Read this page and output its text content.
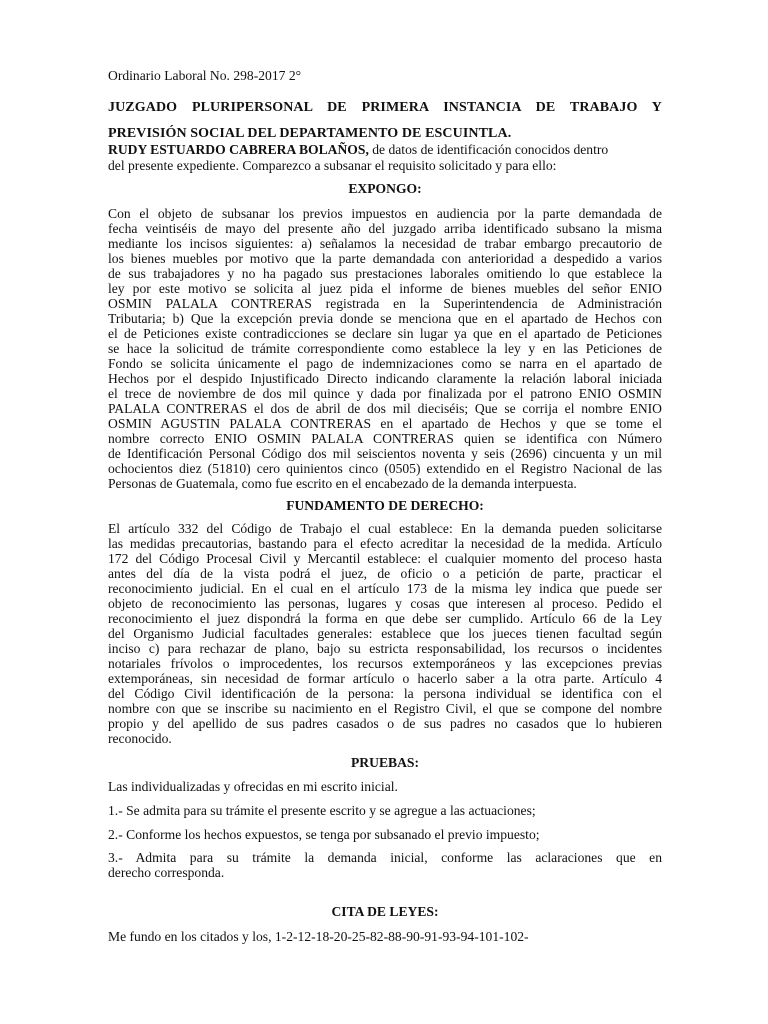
Ordinario Laboral No. 298-2017 2°
JUZGADO PLURIPERSONAL DE PRIMERA INSTANCIA DE TRABAJO Y
PREVISIÓN SOCIAL DEL DEPARTAMENTO DE ESCUINTLA.
RUDY ESTUARDO CABRERA BOLAÑOS, de datos de identificación conocidos dentro
del presente expediente. Comparezco a subsanar el requisito solicitado y para ello:
EXPONGO:
Con el objeto de subsanar los previos impuestos en audiencia por la parte demandada de
fecha veintiséis de mayo del presente año del juzgado arriba identificado subsano la misma
mediante los incisos siguientes: a) señalamos la necesidad de trabar embargo precautorio de
los bienes muebles por motivo que la parte demandada con anterioridad a despedido a varios
de sus trabajadores y no ha pagado sus prestaciones laborales omitiendo lo que establece la
ley por este motivo se solicita al juez pida el informe de bienes muebles del señor ENIO
OSMIN PALALA CONTRERAS registrada en la Superintendencia de Administración
Tributaria; b) Que la excepción previa donde se menciona que en el apartado de Hechos con
el de Peticiones existe contradicciones se declare sin lugar ya que en el apartado de Peticiones
se hace la solicitud de trámite correspondiente como establece la ley y en las Peticiones de
Fondo se solicita únicamente el pago de indemnizaciones como se narra en el apartado de
Hechos por el despido Injustificado Directo indicando claramente la relación laboral iniciada
el trece de noviembre de dos mil quince y dada por finalizada por el patrono ENIO OSMIN
PALALA CONTRERAS el dos de abril de dos mil dieciséis; Que se corrija el nombre ENIO
OSMIN AGUSTIN PALALA CONTRERAS en el apartado de Hechos y que se tome el
nombre correcto ENIO OSMIN PALALA CONTRERAS quien se identifica con Número
de Identificación Personal Código dos mil seiscientos noventa y seis (2696) cincuenta y un mil
ochocientos diez (51810) cero quinientos cinco (0505) extendido en el Registro Nacional de las
Personas de Guatemala, como fue escrito en el encabezado de la demanda interpuesta.
FUNDAMENTO DE DERECHO:
El artículo 332 del Código de Trabajo el cual establece: En la demanda pueden solicitarse
las medidas precautorias, bastando para el efecto acreditar la necesidad de la medida. Artículo
172 del Código Procesal Civil y Mercantil establece: el cualquier momento del proceso hasta
antes del día de la vista podrá el juez, de oficio o a petición de parte, practicar el
reconocimiento judicial. En el cual en el artículo 173 de la misma ley indica que puede ser
objeto de reconocimiento las personas, lugares y cosas que interesen al proceso. Pedido el
reconocimiento el juez dispondrá la forma en que debe ser cumplido. Artículo 66 de la Ley
del Organismo Judicial facultades generales: establece que los jueces tienen facultad según
inciso c) para rechazar de plano, bajo su estricta responsabilidad, los recursos o incidentes
notariales frívolos o improcedentes, los recursos extemporáneos y las excepciones previas
extemporáneas, sin necesidad de formar artículo o hacerlo saber a la otra parte. Artículo 4
del Código Civil identificación de la persona: la persona individual se identifica con el
nombre con que se inscribe su nacimiento en el Registro Civil, el que se compone del nombre
propio y del apellido de sus padres casados o de sus padres no casados que lo hubieren
reconocido.
PRUEBAS:
Las individualizadas y ofrecidas en mi escrito inicial.
1.- Se admita para su trámite el presente escrito y se agregue a las actuaciones;
2.- Conforme los hechos expuestos, se tenga por subsanado el previo impuesto;
3.- Admita para su trámite la demanda inicial, conforme las aclaraciones que en
derecho corresponda.
CITA DE LEYES:
Me fundo en los citados y los, 1-2-12-18-20-25-82-88-90-91-93-94-101-102-
